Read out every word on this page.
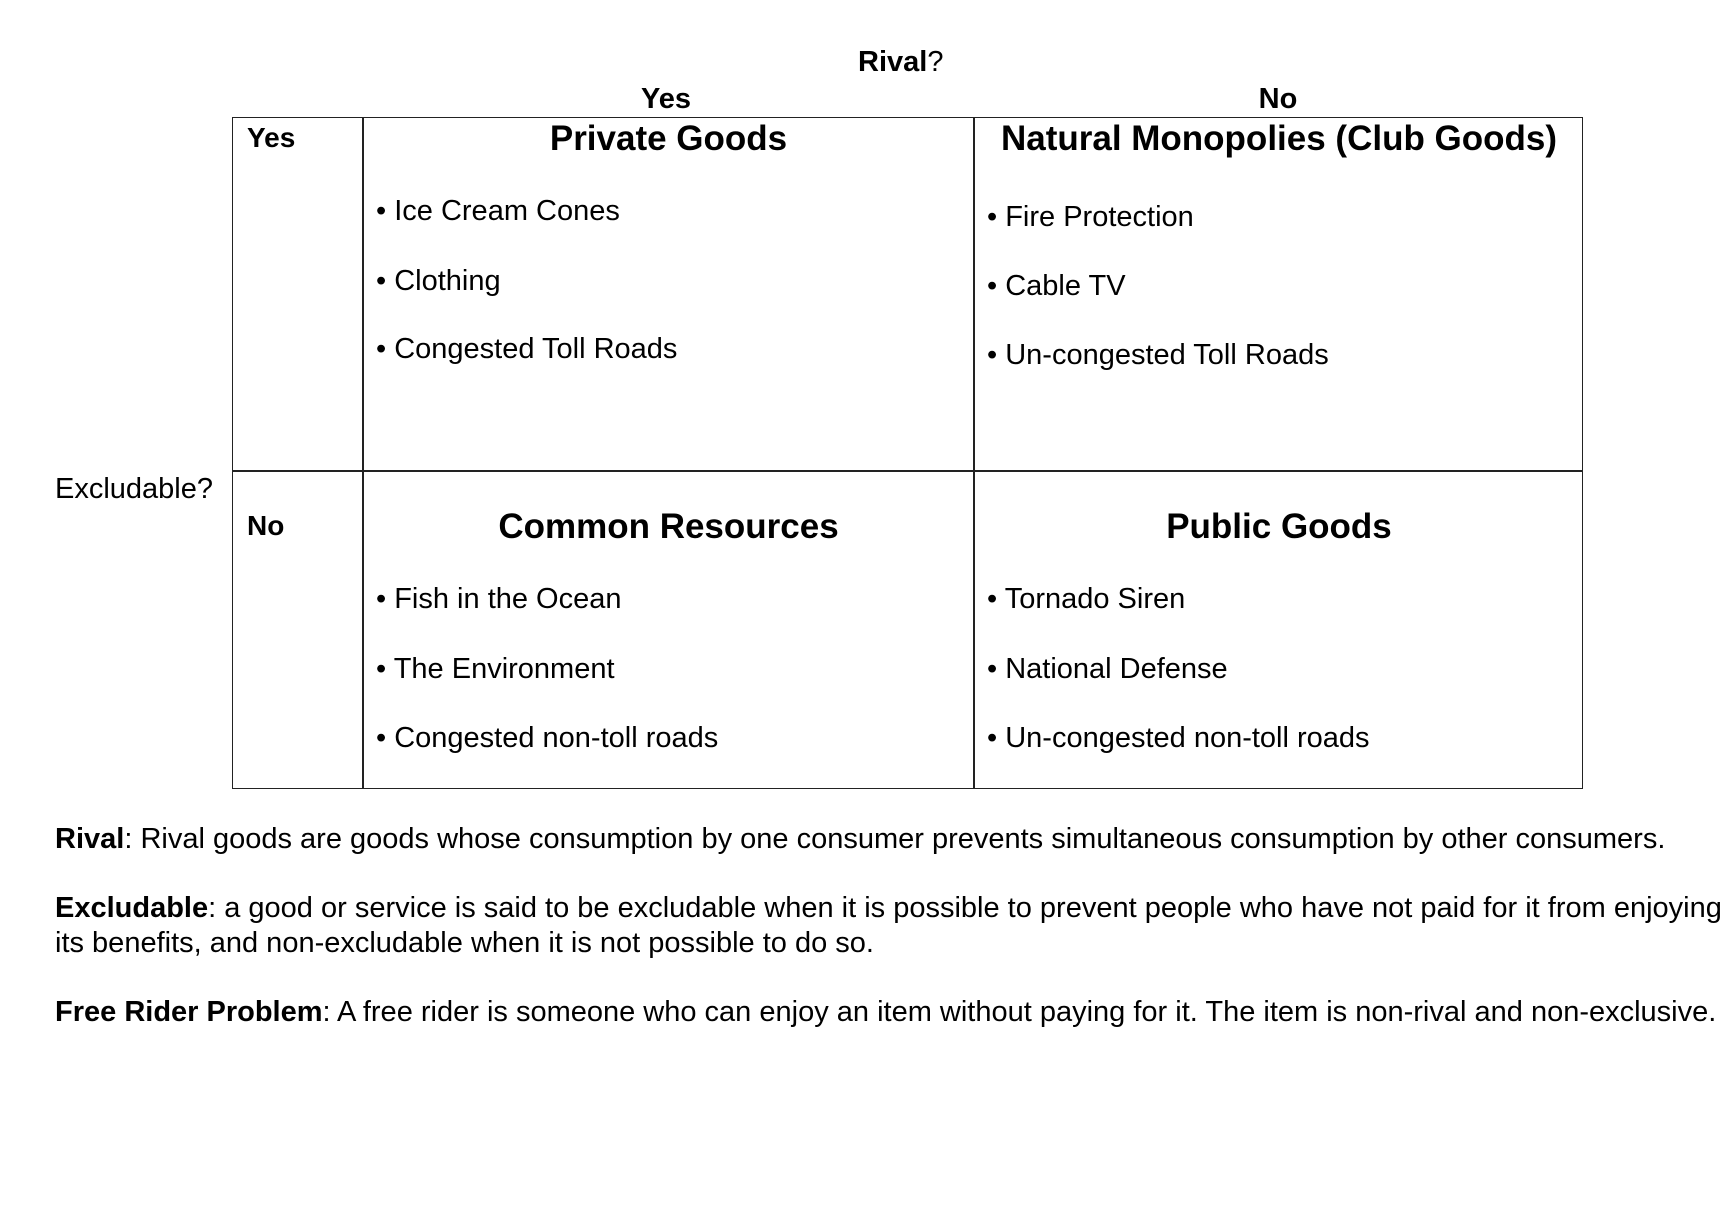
Rival?
Yes	No
Excludable?
Yes
No
Private Goods
• Ice Cream Cones
• Clothing
• Congested Toll Roads
Natural Monopolies (Club Goods)
• Fire Protection
• Cable TV
• Un-congested Toll Roads
Common Resources
• Fish in the Ocean
• The Environment
• Congested non-toll roads
Public Goods
• Tornado Siren
• National Defense
• Un-congested non-toll roads

Rival: Rival goods are goods whose consumption by one consumer prevents simultaneous consumption by other consumers.

Excludable: a good or service is said to be excludable when it is possible to prevent people who have not paid for it from enjoying its benefits, and non-excludable when it is not possible to do so.

Free Rider Problem: A free rider is someone who can enjoy an item without paying for it. The item is non-rival and non-exclusive.
